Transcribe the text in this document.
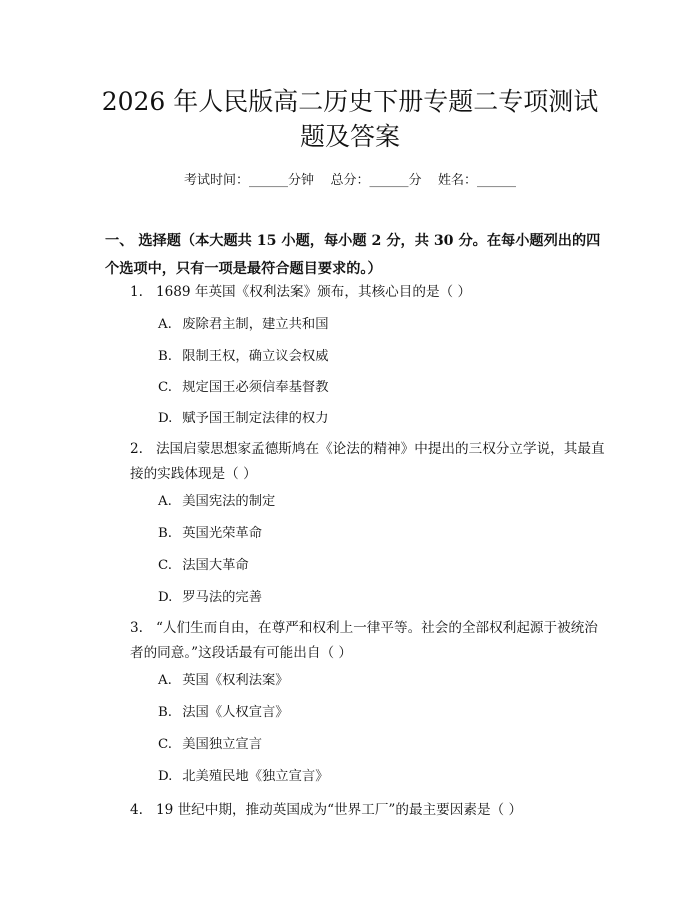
2026 年人民版高二历史下册专题二专项测试
题及答案
考试时间：______分钟    总分：______分    姓名：______
一、 选择题（本大题共 15 小题，每小题 2 分，共 30 分。在每小题列出的四个选项中，只有一项是最符合题目要求的。）
1. 1689 年英国《权利法案》颁布，其核心目的是（ ）
A. 废除君主制，建立共和国
B. 限制王权，确立议会权威
C. 规定国王必须信奉基督教
D. 赋予国王制定法律的权力
2. 法国启蒙思想家孟德斯鸠在《论法的精神》中提出的三权分立学说，其最直接的实践体现是（ ）
A. 美国宪法的制定
B. 英国光荣革命
C. 法国大革命
D. 罗马法的完善
3. “人们生而自由，在尊严和权利上一律平等。社会的全部权利起源于被统治者的同意。”这段话最有可能出自（ ）
A. 英国《权利法案》
B. 法国《人权宣言》
C. 美国独立宣言
D. 北美殖民地《独立宣言》
4. 19 世纪中期，推动英国成为“世界工厂”的最主要因素是（ ）
